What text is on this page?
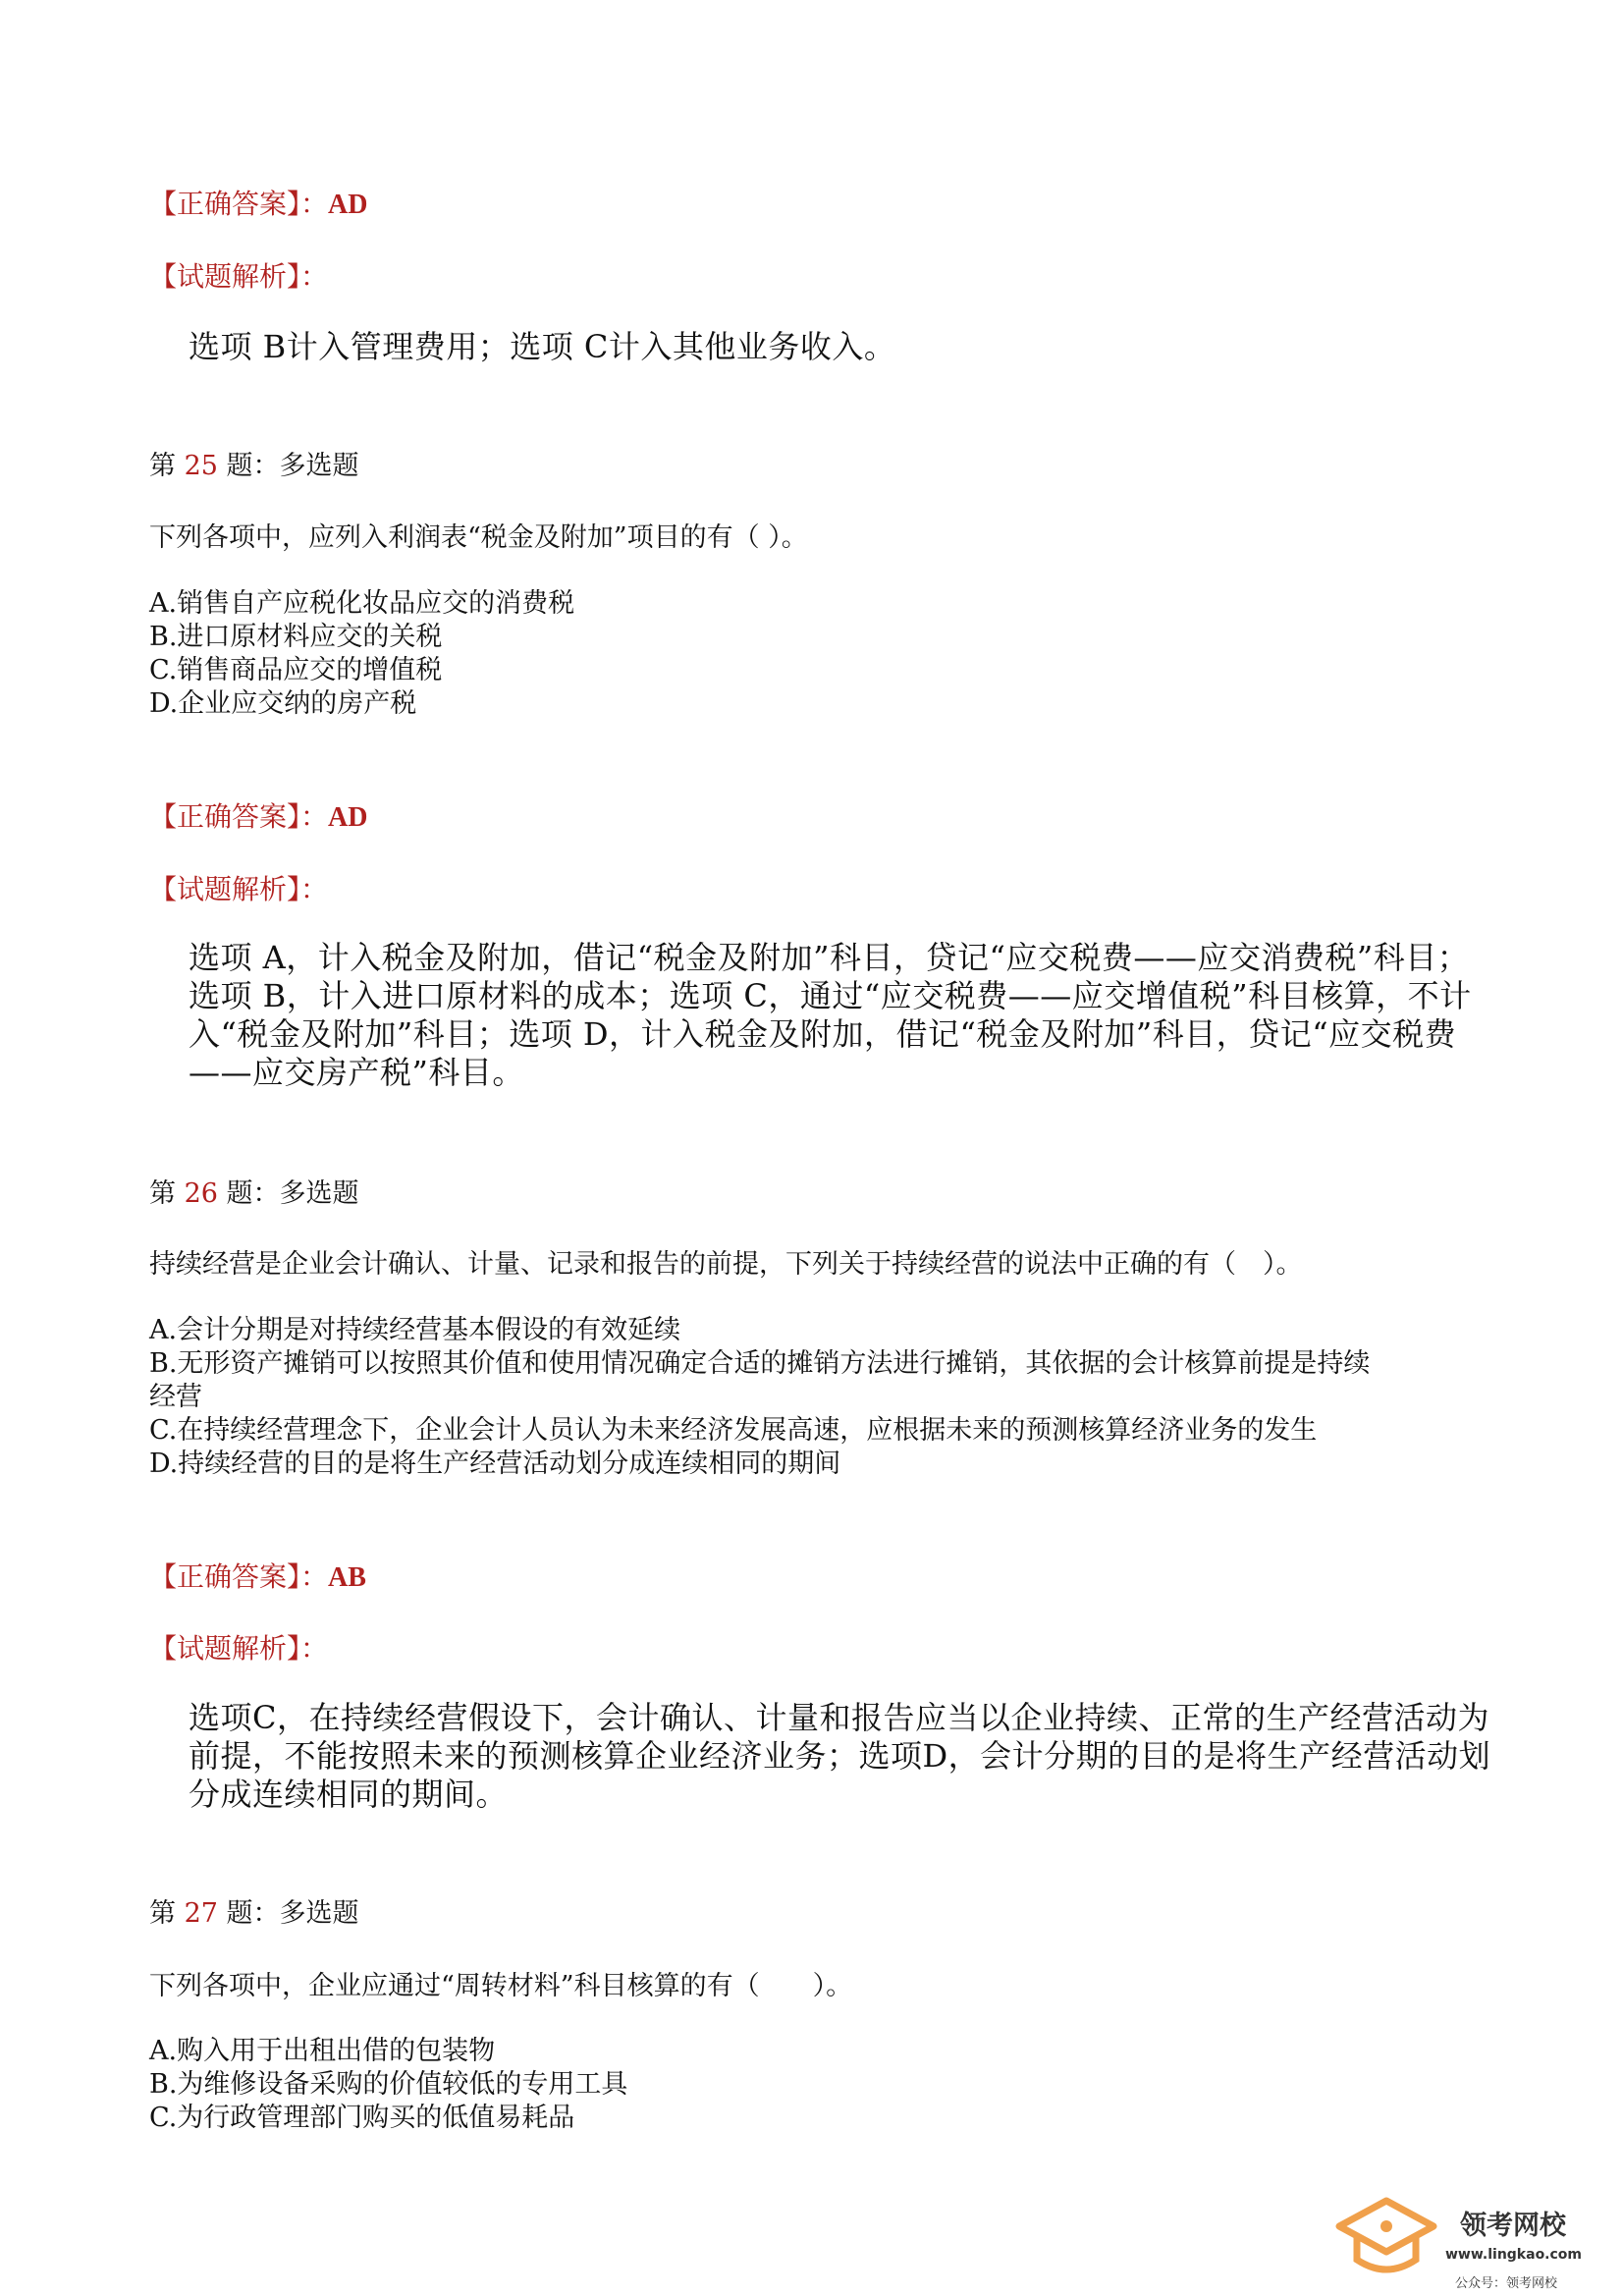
【正确答案】：AD
【试题解析】：
选项 B计入管理费用；选项 C计入其他业务收入。
第 25 题：多选题
下列各项中，应列入利润表“税金及附加”项目的有（ ）。
A.销售自产应税化妆品应交的消费税
B.进口原材料应交的关税
C.销售商品应交的增值税
D.企业应交纳的房产税
【正确答案】：AD
【试题解析】：
选项 A，计入税金及附加，借记“税金及附加”科目，贷记“应交税费——应交消费税”科目；选项 B，计入进口原材料的成本；选项 C，通过“应交税费——应交增值税”科目核算，不计入“税金及附加”科目；选项 D，计入税金及附加，借记“税金及附加”科目，贷记“应交税费——应交房产税”科目。
第 26 题：多选题
持续经营是企业会计确认、计量、记录和报告的前提，下列关于持续经营的说法中正确的有（　）。
A.会计分期是对持续经营基本假设的有效延续
B.无形资产摊销可以按照其价值和使用情况确定合适的摊销方法进行摊销，其依据的会计核算前提是持续
经营
C.在持续经营理念下，企业会计人员认为未来经济发展高速，应根据未来的预测核算经济业务的发生
D.持续经营的目的是将生产经营活动划分成连续相同的期间
【正确答案】：AB
【试题解析】：
选项C，在持续经营假设下，会计确认、计量和报告应当以企业持续、正常的生产经营活动为前提，不能按照未来的预测核算企业经济业务；选项D，会计分期的目的是将生产经营活动划分成连续相同的期间。
第 27 题：多选题
下列各项中，企业应通过“周转材料”科目核算的有（　　）。
A.购入用于出租出借的包装物
B.为维修设备采购的价值较低的专用工具
C.为行政管理部门购买的低值易耗品
领考网校
www.lingkao.com
公众号：领考网校
